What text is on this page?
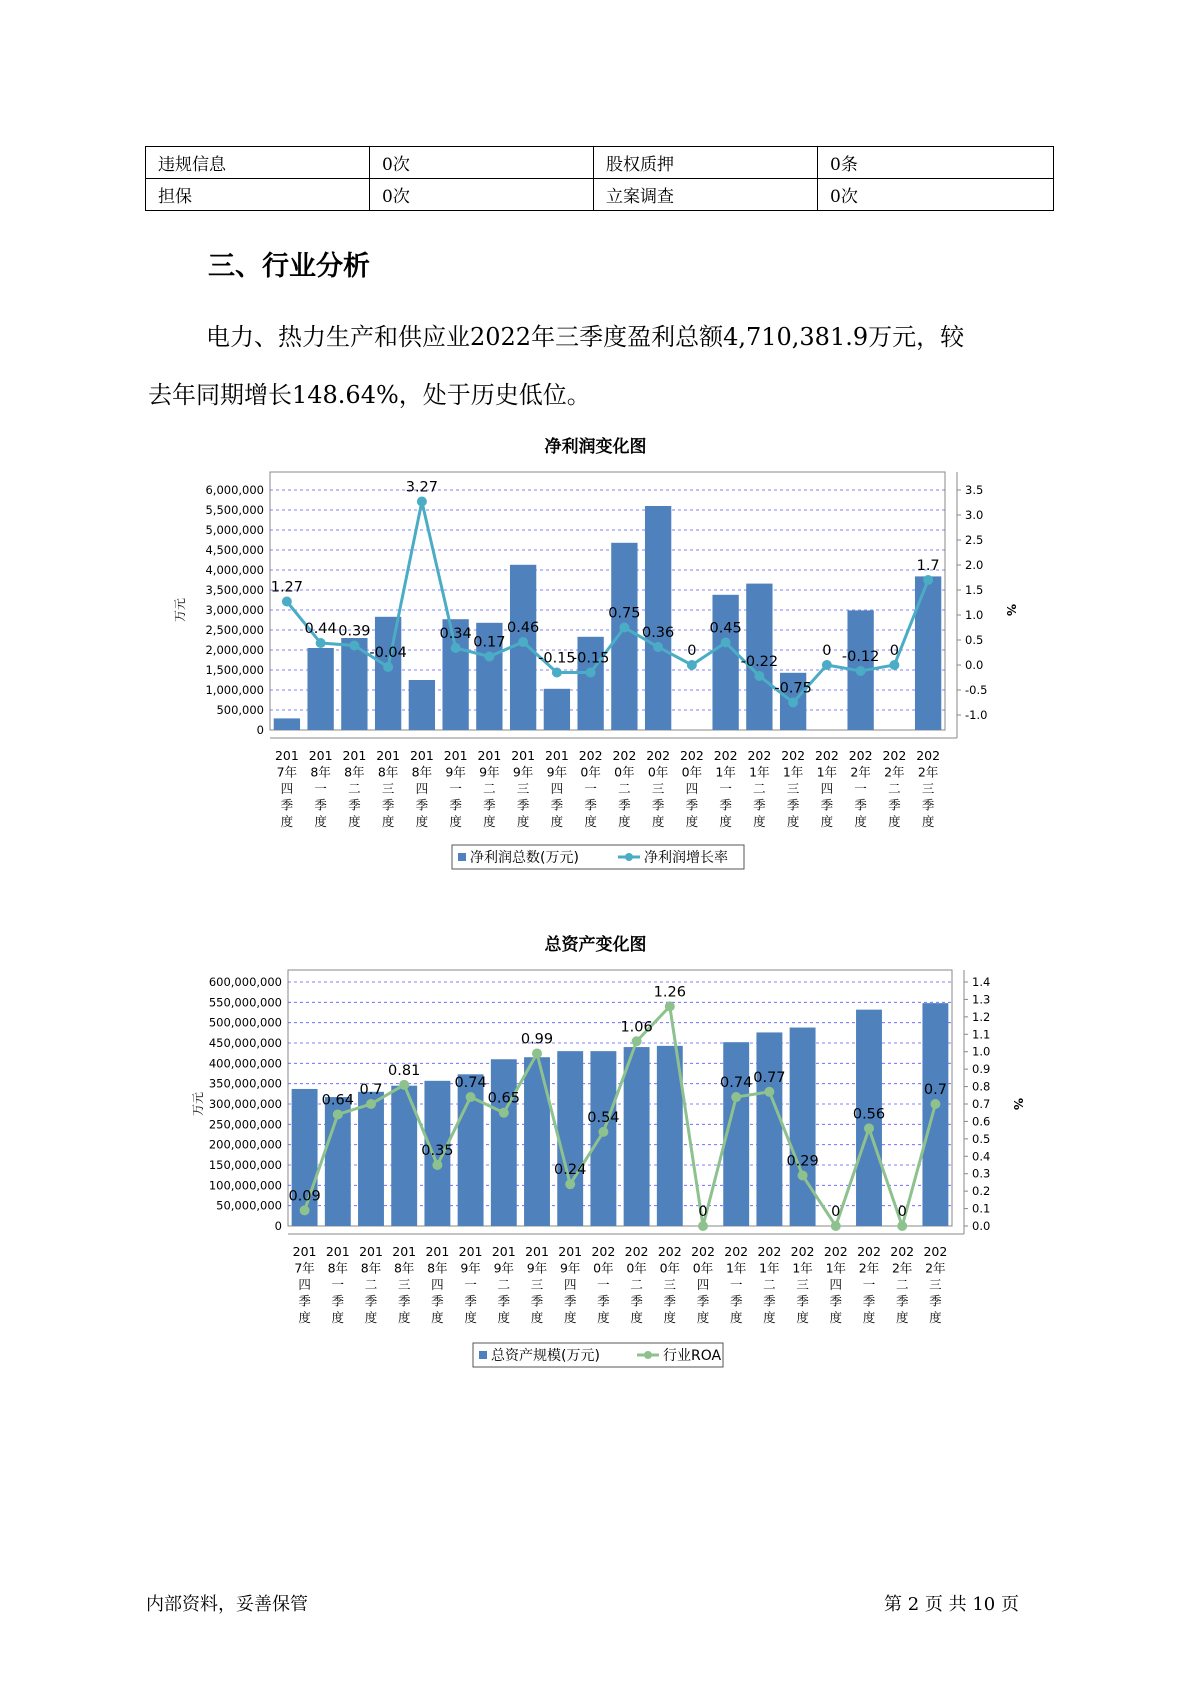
违规信息	0次	股权质押	0条
担保	0次	立案调查	0次
三、行业分析

电力、热力生产和供应业2022年三季度盈利总额4,710,381.9万元，较
去年同期增长148.64%，处于历史低位。

净利润变化图
0
500,000
1,000,000
1,500,000
2,000,000
2,500,000
3,000,000
3,500,000
4,000,000
4,500,000
5,000,000
5,500,000
6,000,000
-1.0
-0.5
0.0
0.5
1.0
1.5
2.0
2.5
3.0
3.5
万元	%
1.27
0.44 0.39
-0.04
3.27
0.34
0.17
0.46
-0.15
-0.15
0.75
0.36
0
0.45
-0.22
-0.75
0 -0.12 0
1.7
201 7年四季度
201 8年一季度
201 8年二季度
201 8年三季度
201 8年四季度
201 9年一季度
201 9年二季度
201 9年三季度
201 9年四季度
202 0年一季度
202 0年二季度
202 0年三季度
202 0年四季度
202 1年一季度
202 1年二季度
202 1年三季度
202 1年四季度
202 2年一季度
202 2年二季度
202 2年三季度
净利润总数(万元)	净利润增长率
总资产变化图
0
50,000,000
100,000,000
150,000,000
200,000,000
250,000,000
300,000,000
350,000,000
400,000,000
450,000,000
500,000,000
550,000,000
600,000,000
0.0
0.1
0.2
0.3
0.4
0.5
0.6
0.7
0.8
0.9
1.0
1.1
1.2
1.3
1.4
万元	%
0.09
0.64
0.7
0.81
0.35
0.74
0.65
0.99
0.24
0.54
1.06
1.26
0
0.74 0.77
0.29
0
0.56
0
0.7
201 7年四季度
201 8年一季度
201 8年二季度
201 8年三季度
201 8年四季度
201 9年一季度
201 9年二季度
201 9年三季度
201 9年四季度
202 0年一季度
202 0年二季度
202 0年三季度
202 0年四季度
202 1年一季度
202 1年二季度
202 1年三季度
202 1年四季度
202 2年一季度
202 2年二季度
202 2年三季度
总资产规模(万元)	行业ROA
内部资料，妥善保管	第 2 页 共 10 页
